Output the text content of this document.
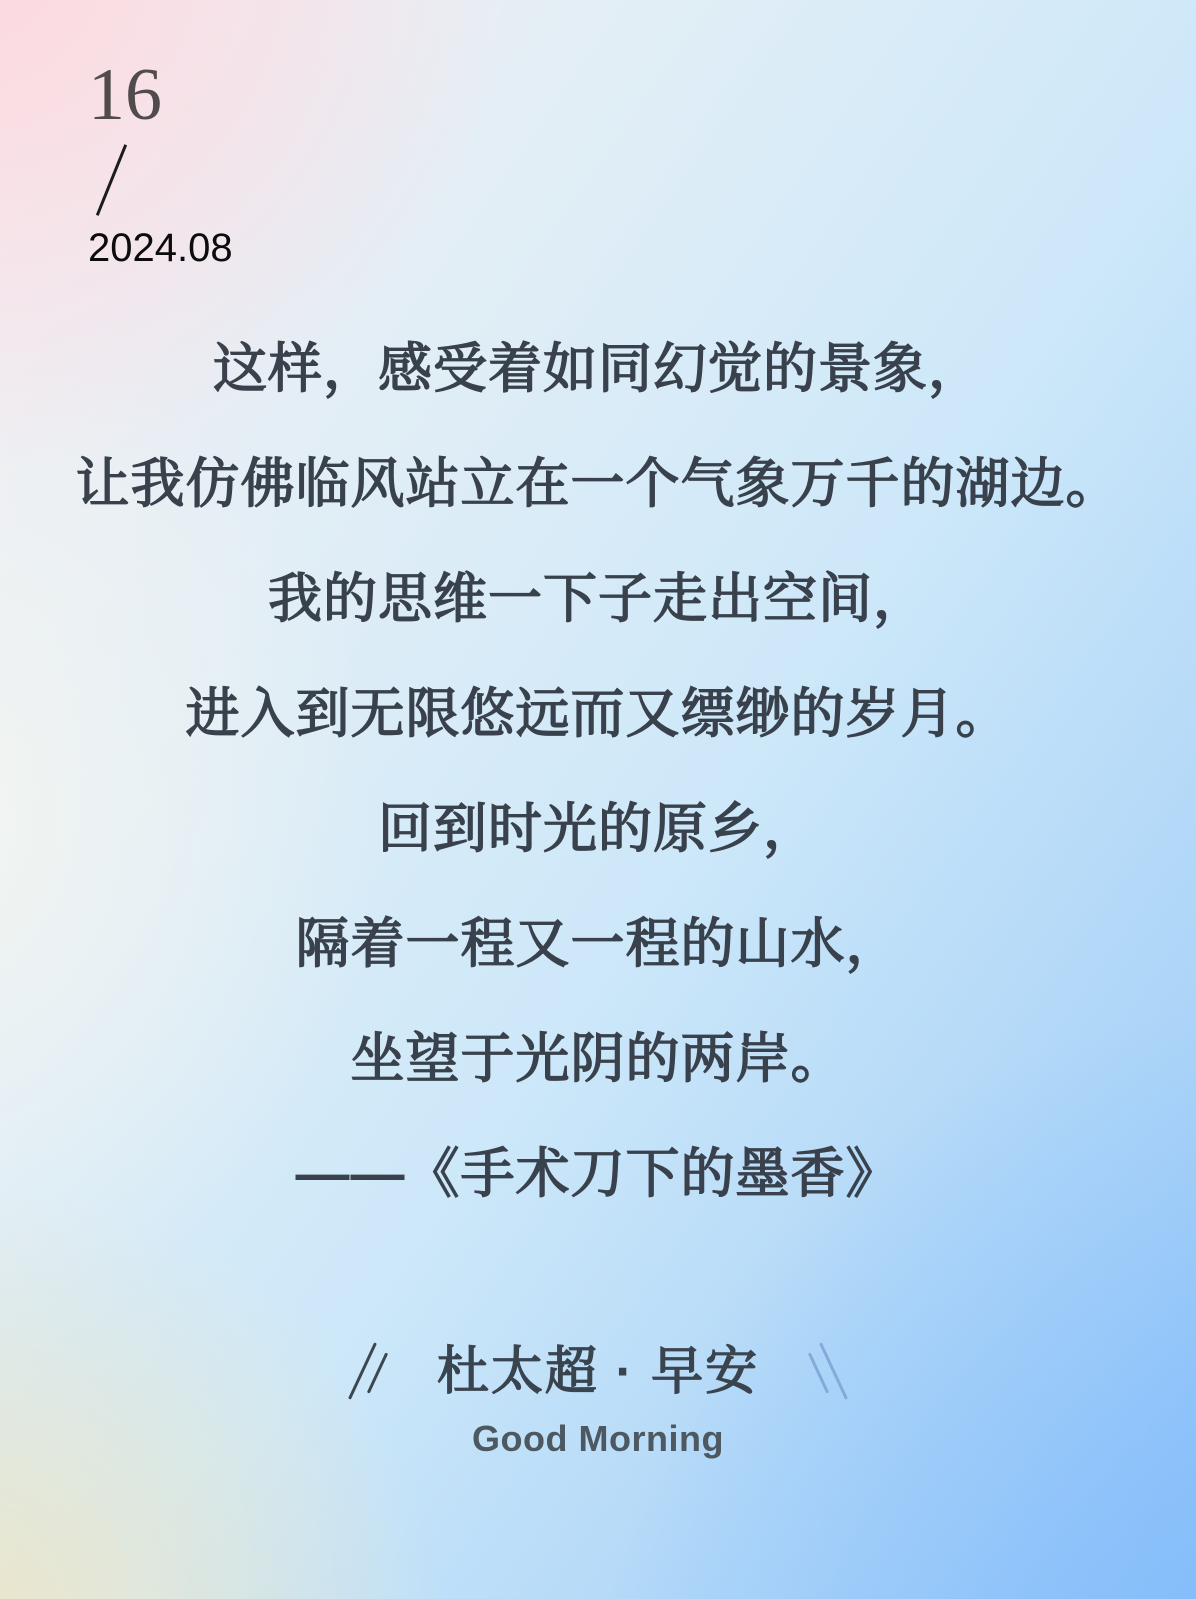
16
2024.08
这样，感受着如同幻觉的景象，
让我仿佛临风站立在一个气象万千的湖边。
我的思维一下子走出空间，
进入到无限悠远而又缥缈的岁月。
回到时光的原乡，
隔着一程又一程的山水，
坐望于光阴的两岸。
——《手术刀下的墨香》
杜太超 · 早安
Good Morning
